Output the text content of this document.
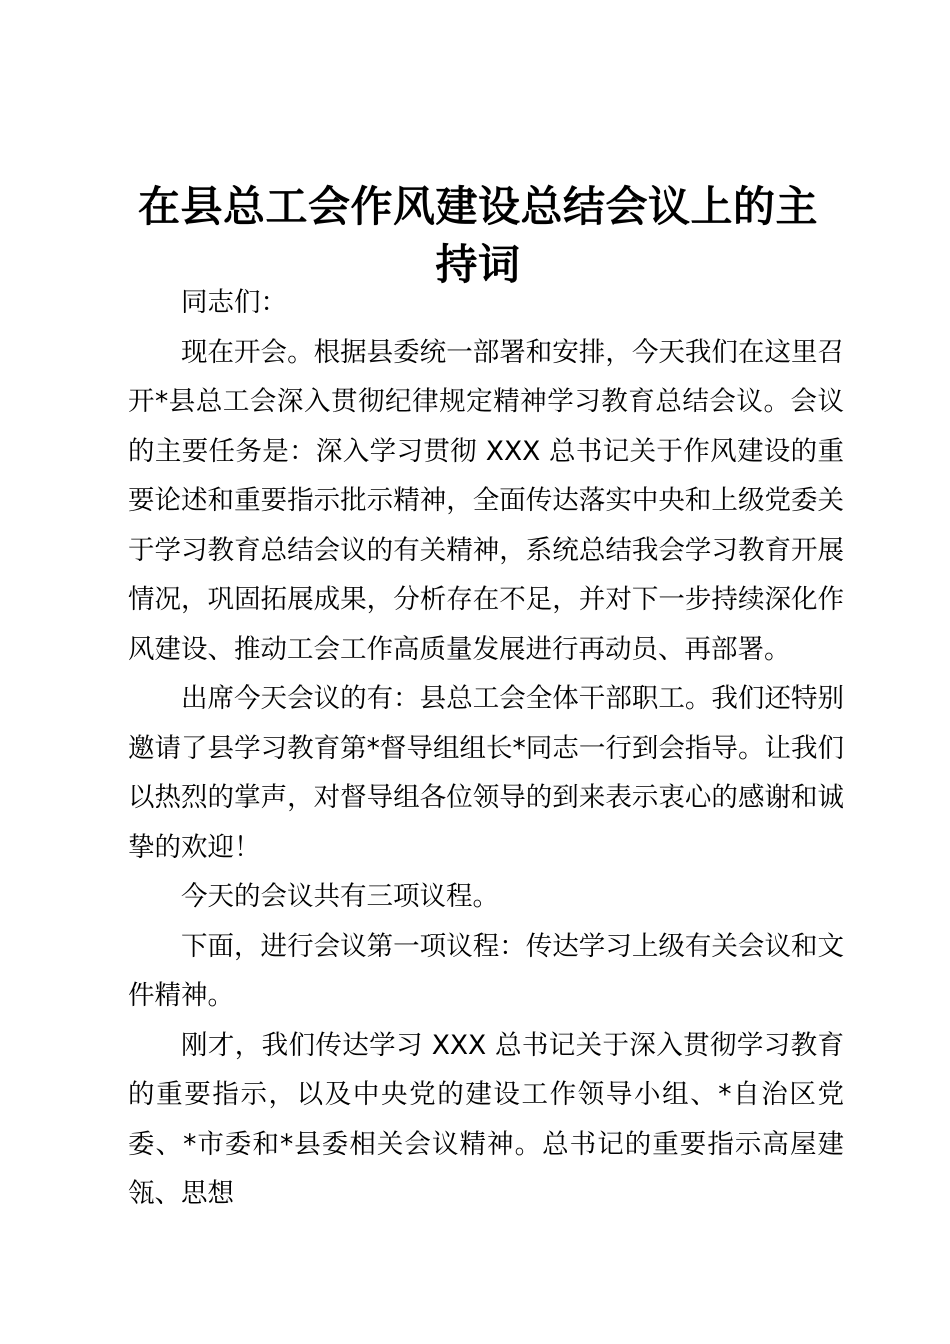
在县总工会作风建设总结会议上的主持词

同志们：

现在开会。根据县委统一部署和安排，今天我们在这里召开*县总工会深入贯彻纪律规定精神学习教育总结会议。会议的主要任务是：深入学习贯彻 XXX 总书记关于作风建设的重要论述和重要指示批示精神，全面传达落实中央和上级党委关于学习教育总结会议的有关精神，系统总结我会学习教育开展情况，巩固拓展成果，分析存在不足，并对下一步持续深化作风建设、推动工会工作高质量发展进行再动员、再部署。

出席今天会议的有：县总工会全体干部职工。我们还特别邀请了县学习教育第*督导组组长*同志一行到会指导。让我们以热烈的掌声，对督导组各位领导的到来表示衷心的感谢和诚挚的欢迎！

今天的会议共有三项议程。

下面，进行会议第一项议程：传达学习上级有关会议和文件精神。

刚才，我们传达学习 XXX 总书记关于深入贯彻学习教育的重要指示，以及中央党的建设工作领导小组、*自治区党委、*市委和*县委相关会议精神。总书记的重要指示高屋建瓴、思想
